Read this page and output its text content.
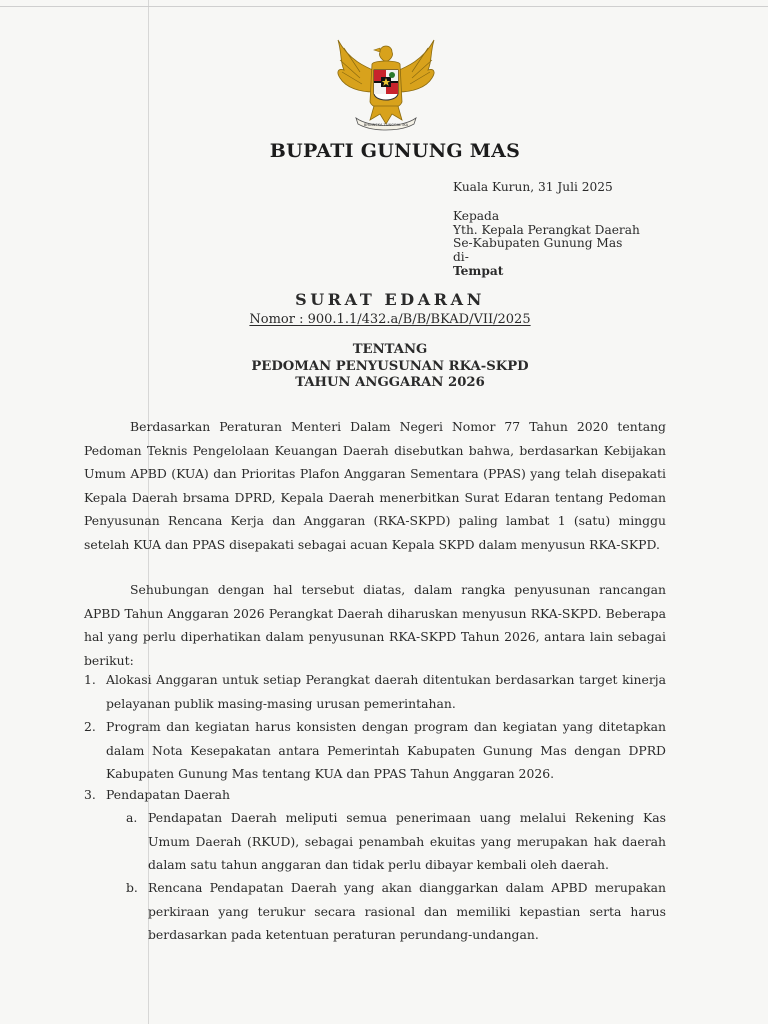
BHINNEKA TUNGGAL IKA
BUPATI GUNUNG MAS
Kuala Kurun, 31 Juli 2025
Kepada
Yth. Kepala Perangkat Daerah
Se-Kabupaten Gunung Mas
di-
Tempat
SURAT EDARAN
Nomor : 900.1.1/432.a/B/B/BKAD/VII/2025
TENTANG
PEDOMAN PENYUSUNAN RKA-SKPD
TAHUN ANGGARAN 2026
Berdasarkan Peraturan Menteri Dalam Negeri Nomor 77 Tahun 2020 tentang Pedoman Teknis Pengelolaan Keuangan Daerah disebutkan bahwa, berdasarkan Kebijakan Umum APBD (KUA) dan Prioritas Plafon Anggaran Sementara (PPAS) yang telah disepakati Kepala Daerah brsama DPRD, Kepala Daerah menerbitkan Surat Edaran tentang Pedoman Penyusunan Rencana Kerja dan Anggaran (RKA-SKPD) paling lambat 1 (satu) minggu setelah KUA dan PPAS disepakati sebagai acuan Kepala SKPD dalam menyusun RKA-SKPD.
Sehubungan dengan hal tersebut diatas, dalam rangka penyusunan rancangan APBD Tahun Anggaran 2026 Perangkat Daerah diharuskan menyusun RKA-SKPD. Beberapa hal yang perlu diperhatikan dalam penyusunan RKA-SKPD Tahun 2026, antara lain sebagai berikut:
1. Alokasi Anggaran untuk setiap Perangkat daerah ditentukan berdasarkan target kinerja pelayanan publik masing-masing urusan pemerintahan.
2. Program dan kegiatan harus konsisten dengan program dan kegiatan yang ditetapkan dalam Nota Kesepakatan antara Pemerintah Kabupaten Gunung Mas dengan DPRD Kabupaten Gunung Mas tentang KUA dan PPAS Tahun Anggaran 2026.
3. Pendapatan Daerah
a. Pendapatan Daerah meliputi semua penerimaan uang melalui Rekening Kas Umum Daerah (RKUD), sebagai penambah ekuitas yang merupakan hak daerah dalam satu tahun anggaran dan tidak perlu dibayar kembali oleh daerah.
b. Rencana Pendapatan Daerah yang akan dianggarkan dalam APBD merupakan perkiraan yang terukur secara rasional dan memiliki kepastian serta harus berdasarkan pada ketentuan peraturan perundang-undangan.
